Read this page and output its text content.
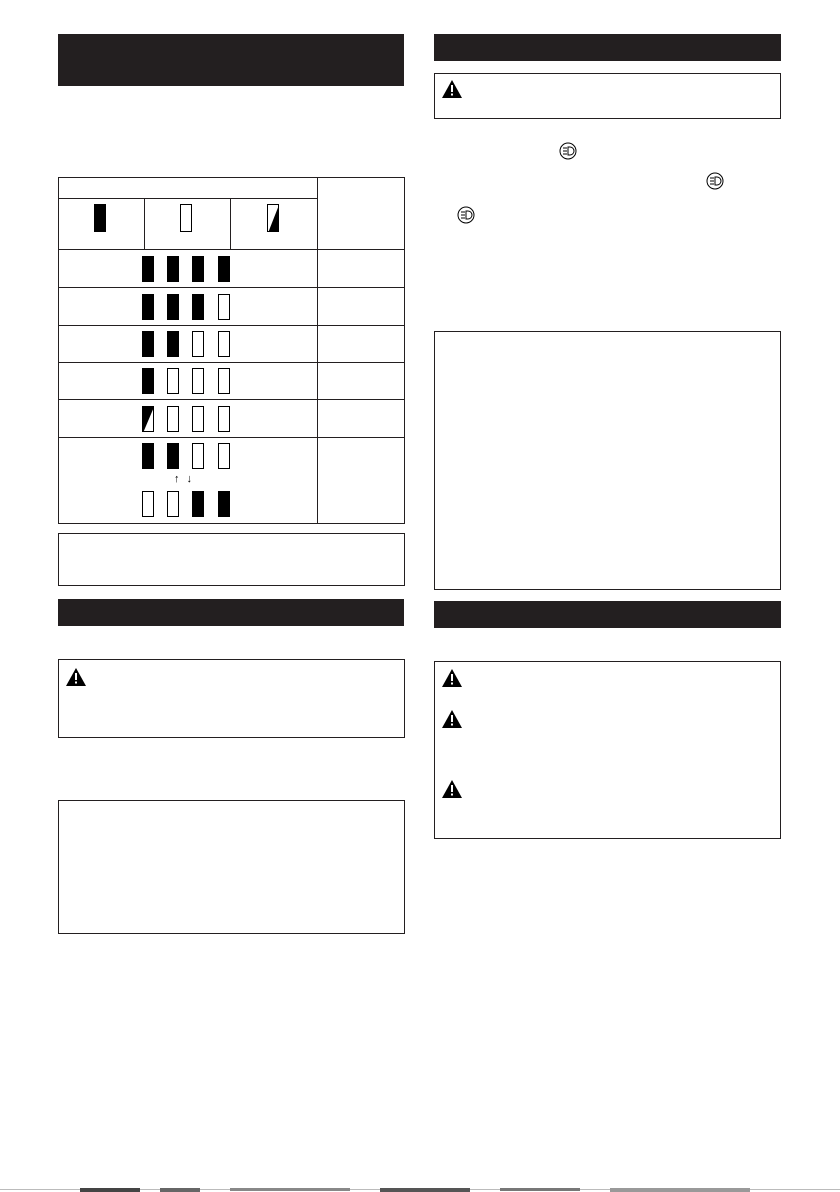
↑ ↓
